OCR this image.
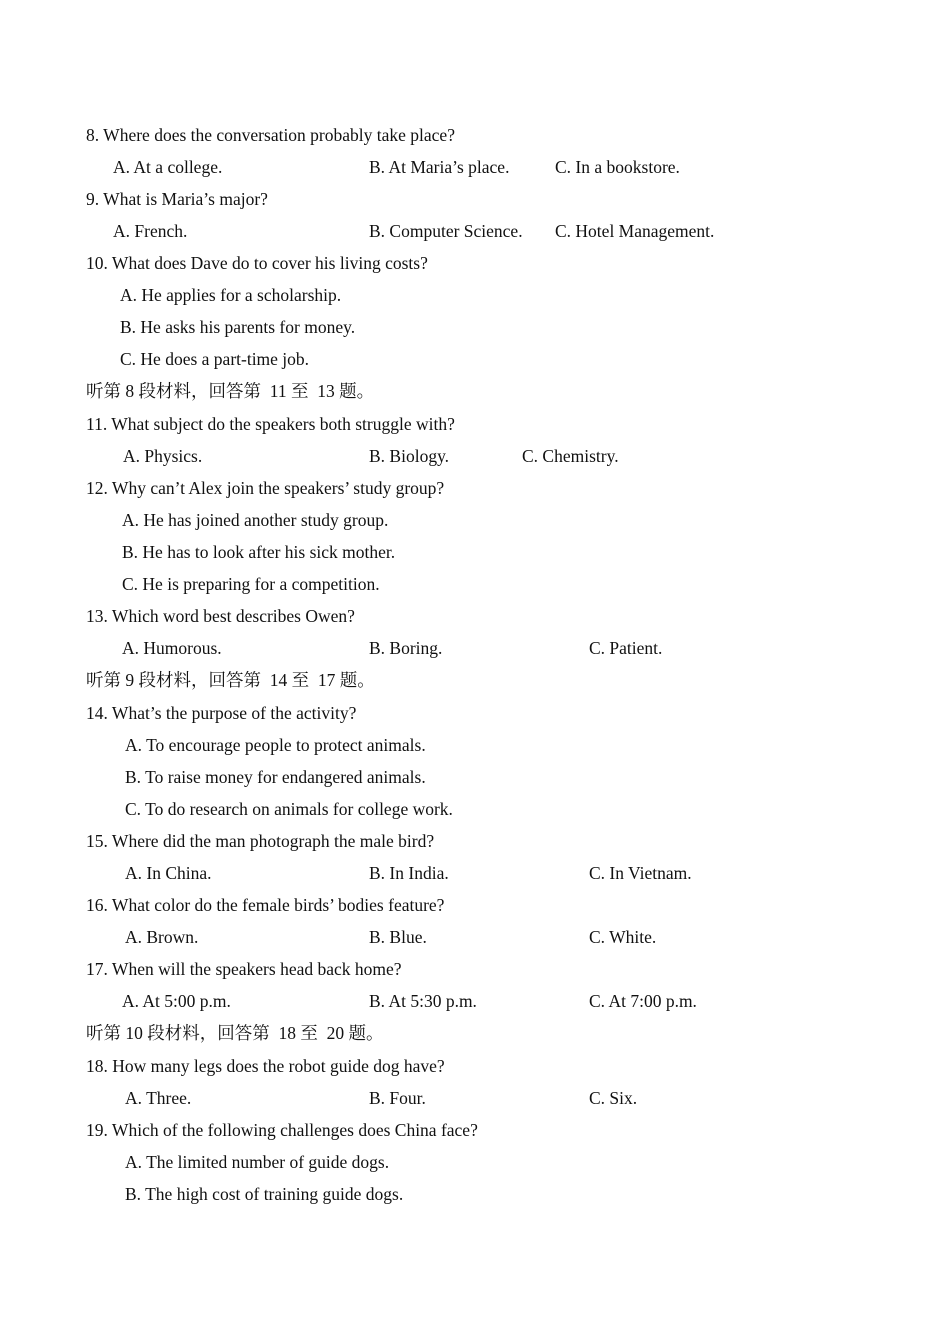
8. Where does the conversation probably take place?
A. At a college.	B. At Maria’s place.	C. In a bookstore.
9. What is Maria’s major?
A. French.	B. Computer Science. C. Hotel Management.
10. What does Dave do to cover his living costs?
A. He applies for a scholarship.
B. He asks his parents for money.
C. He does a part-time job.
听第 8 段材料，回答第  11 至  13 题。
11. What subject do the speakers both struggle with?
A. Physics.	B. Biology.	C. Chemistry.
12. Why can’t Alex join the speakers’ study group?
A. He has joined another study group.
B. He has to look after his sick mother.
C. He is preparing for a competition.
13. Which word best describes Owen?
A. Humorous.	B. Boring.	C. Patient.
听第 9 段材料，回答第  14 至  17 题。
14. What’s the purpose of the activity?
A. To encourage people to protect animals.
B. To raise money for endangered animals.
C. To do research on animals for college work.
15. Where did the man photograph the male bird?
A. In China.	B. In India.	C. In Vietnam.
16. What color do the female birds’ bodies feature?
A. Brown.	B. Blue.	C. White.
17. When will the speakers head back home?
A. At 5:00 p.m.	B. At 5:30 p.m.	C. At 7:00 p.m.
听第 10 段材料，回答第  18 至  20 题。
18. How many legs does the robot guide dog have?
A. Three.	B. Four.	C. Six.
19. Which of the following challenges does China face?
A. The limited number of guide dogs.
B. The high cost of training guide dogs.
